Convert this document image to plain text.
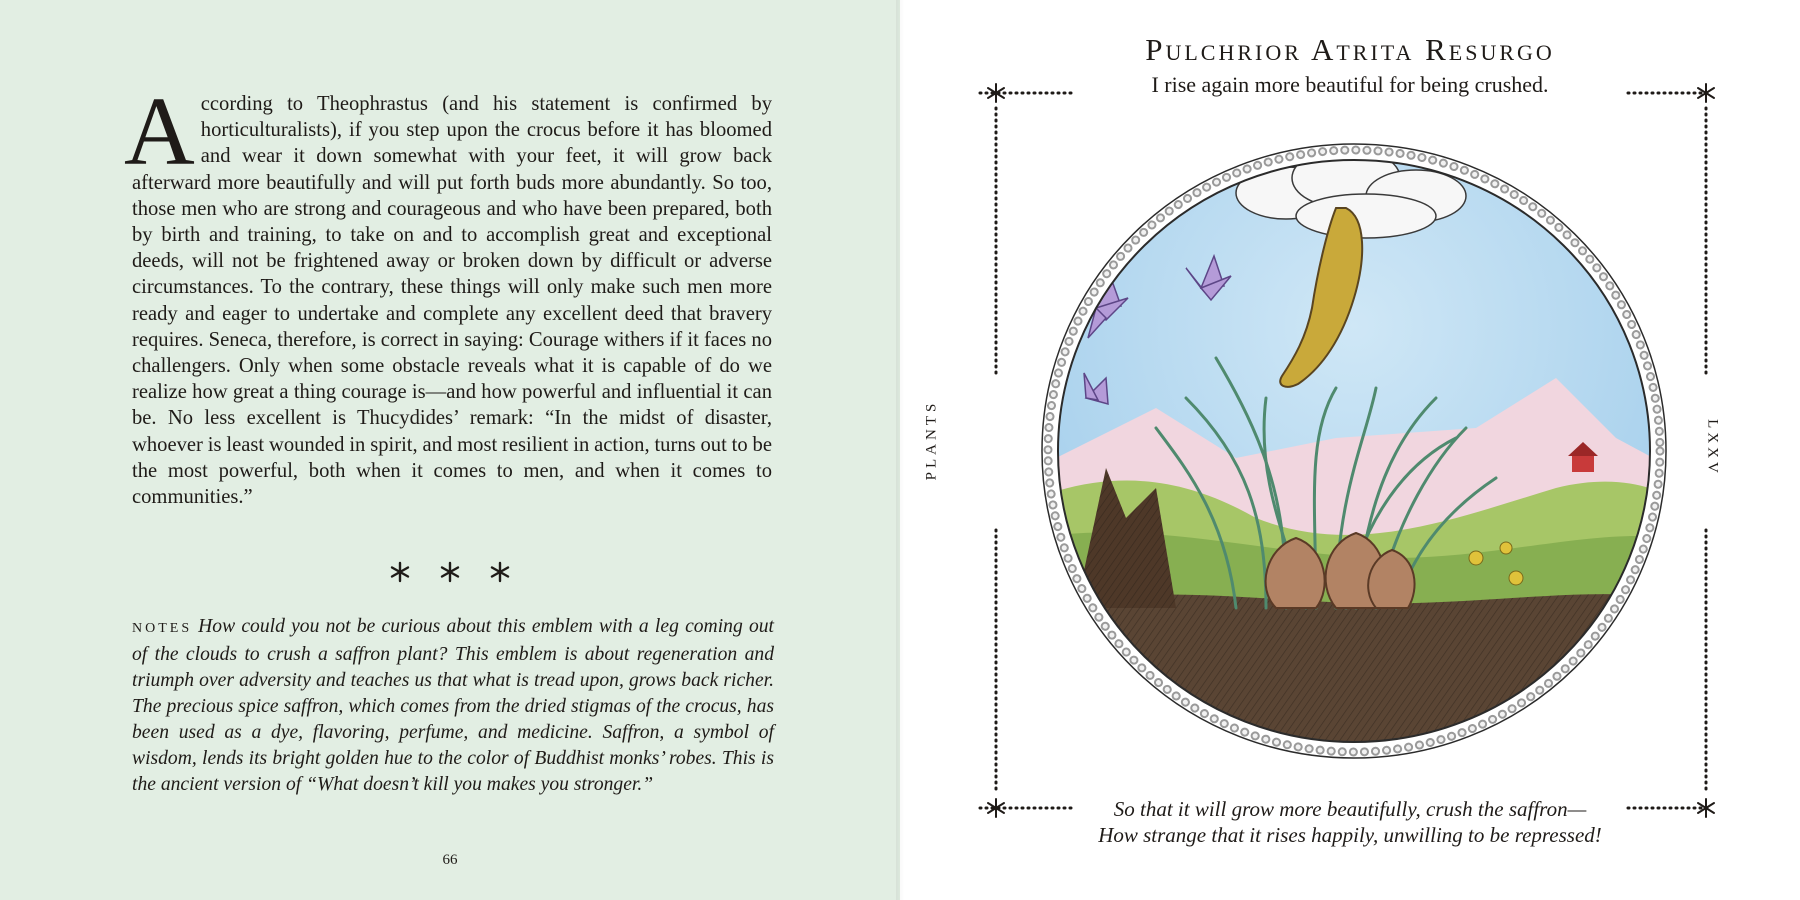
According to Theophrastus (and his statement is confirmed by horticulturalists), if you step upon the crocus before it has bloomed and wear it down somewhat with your feet, it will grow back afterward more beautifully and will put forth buds more abundantly. So too, those men who are strong and courageous and who have been prepared, both by birth and training, to take on and to accomplish great and exceptional deeds, will not be frightened away or broken down by difficult or adverse circumstances. To the contrary, these things will only make such men more ready and eager to undertake and complete any excellent deed that bravery requires. Seneca, therefore, is correct in saying: Courage withers if it faces no challengers. Only when some obstacle reveals what it is capable of do we realize how great a thing courage is—and how powerful and influential it can be. No less excellent is Thucydides’ remark: “In the midst of disaster, whoever is least wounded in spirit, and most resilient in action, turns out to be the most powerful, both when it comes to men, and when it comes to communities.”
NOTES How could you not be curious about this emblem with a leg coming out of the clouds to crush a saffron plant? This emblem is about regeneration and triumph over adversity and teaches us that what is tread upon, grows back richer. The precious spice saffron, which comes from the dried stigmas of the crocus, has been used as a dye, flavoring, perfume, and medicine. Saffron, a symbol of wisdom, lends its bright golden hue to the color of Buddhist monks’ robes. This is the ancient version of “What doesn’t kill you makes you stronger.”
66
Pulchrior Atrita Resurgo
I rise again more beautiful for being crushed.
So that it will grow more beautifully, crush the saffron—
How strange that it rises happily, unwilling to be repressed!
PLANTS	LXXV
